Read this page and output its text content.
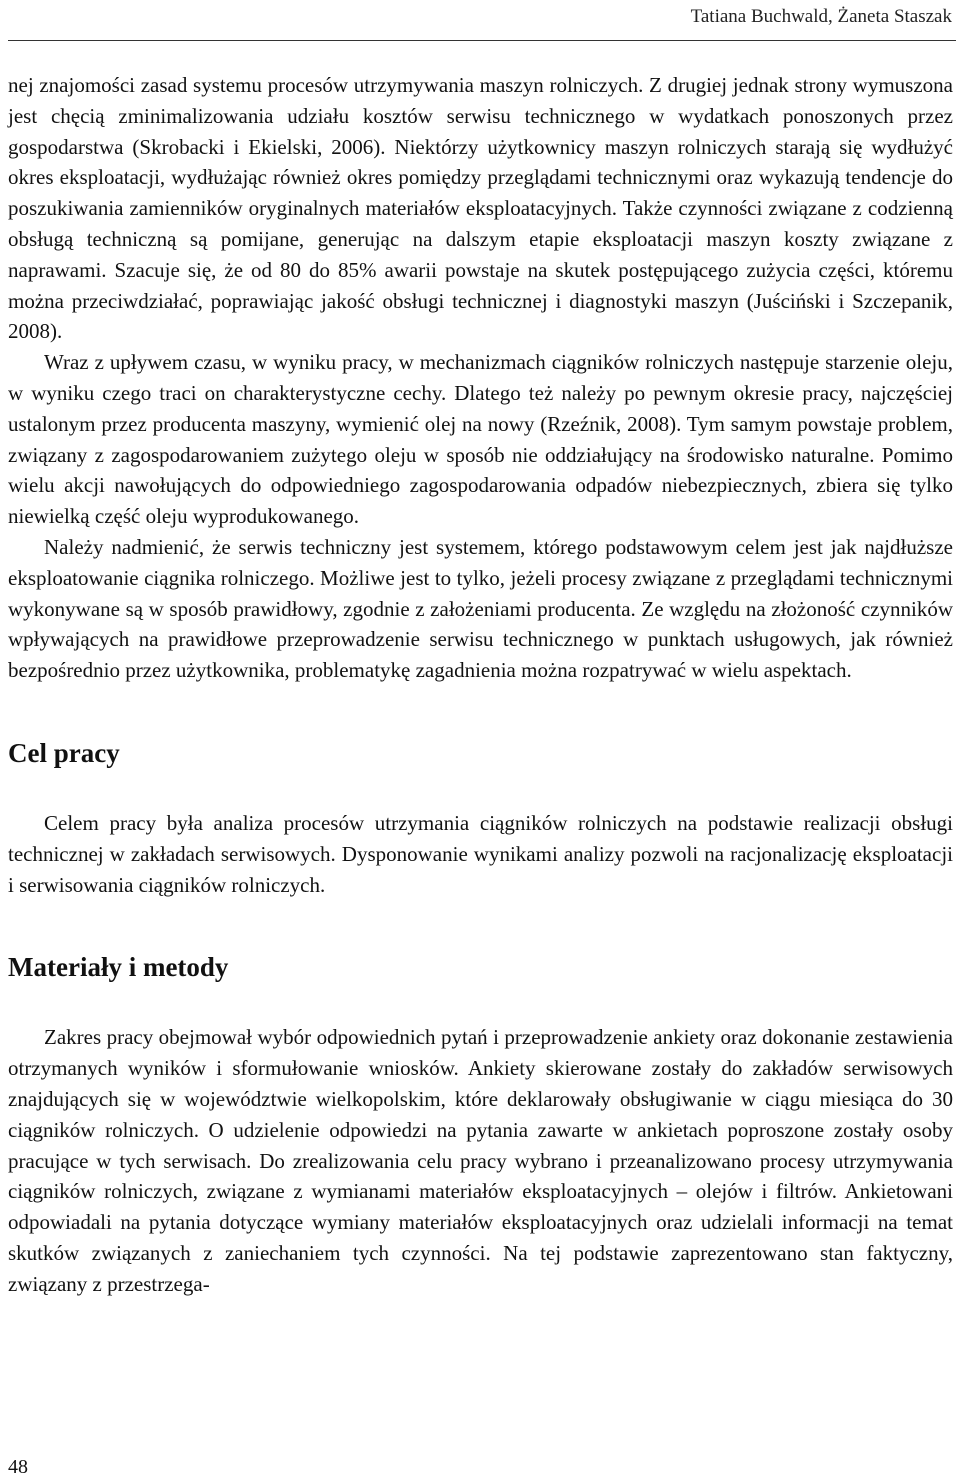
Tatiana Buchwald, Żaneta Staszak

nej znajomości zasad systemu procesów utrzymywania maszyn rolniczych. Z drugiej jednak strony wymuszona jest chęcią zminimalizowania udziału kosztów serwisu technicznego w wydatkach ponoszonych przez gospodarstwa (Skrobacki i Ekielski, 2006). Niektórzy użytkownicy maszyn rolniczych starają się wydłużyć okres eksploatacji, wydłużając również okres pomiędzy przeglądami technicznymi oraz wykazują tendencje do poszukiwania zamienników oryginalnych materiałów eksploatacyjnych. Także czynności związane z codzienną obsługą techniczną są pomijane, generując na dalszym etapie eksploatacji maszyn koszty związane z naprawami. Szacuje się, że od 80 do 85% awarii powstaje na skutek postępującego zużycia części, któremu można przeciwdziałać, poprawiając jakość obsługi technicznej i diagnostyki maszyn (Juściński i Szczepanik, 2008).

Wraz z upływem czasu, w wyniku pracy, w mechanizmach ciągników rolniczych następuje starzenie oleju, w wyniku czego traci on charakterystyczne cechy. Dlatego też należy po pewnym okresie pracy, najczęściej ustalonym przez producenta maszyny, wymienić olej na nowy (Rzeźnik, 2008). Tym samym powstaje problem, związany z zagospodarowaniem zużytego oleju w sposób nie oddziałujący na środowisko naturalne. Pomimo wielu akcji nawołujących do odpowiedniego zagospodarowania odpadów niebezpiecznych, zbiera się tylko niewielką część oleju wyprodukowanego.

Należy nadmienić, że serwis techniczny jest systemem, którego podstawowym celem jest jak najdłuższe eksploatowanie ciągnika rolniczego. Możliwe jest to tylko, jeżeli procesy związane z przeglądami technicznymi wykonywane są w sposób prawidłowy, zgodnie z założeniami producenta. Ze względu na złożoność czynników wpływających na prawidłowe przeprowadzenie serwisu technicznego w punktach usługowych, jak również bezpośrednio przez użytkownika, problematykę zagadnienia można rozpatrywać w wielu aspektach.

Cel pracy

Celem pracy była analiza procesów utrzymania ciągników rolniczych na podstawie realizacji obsługi technicznej w zakładach serwisowych. Dysponowanie wynikami analizy pozwoli na racjonalizację eksploatacji i serwisowania ciągników rolniczych.

Materiały i metody

Zakres pracy obejmował wybór odpowiednich pytań i przeprowadzenie ankiety oraz dokonanie zestawienia otrzymanych wyników i sformułowanie wniosków. Ankiety skierowane zostały do zakładów serwisowych znajdujących się w województwie wielkopolskim, które deklarowały obsługiwanie w ciągu miesiąca do 30 ciągników rolniczych. O udzielenie odpowiedzi na pytania zawarte w ankietach poproszone zostały osoby pracujące w tych serwisach. Do zrealizowania celu pracy wybrano i przeanalizowano procesy utrzymywania ciągników rolniczych, związane z wymianami materiałów eksploatacyjnych – olejów i filtrów. Ankietowani odpowiadali na pytania dotyczące wymiany materiałów eksploatacyjnych oraz udzielali informacji na temat skutków związanych z zaniechaniem tych czynności. Na tej podstawie zaprezentowano stan faktyczny, związany z przestrzega-

48
